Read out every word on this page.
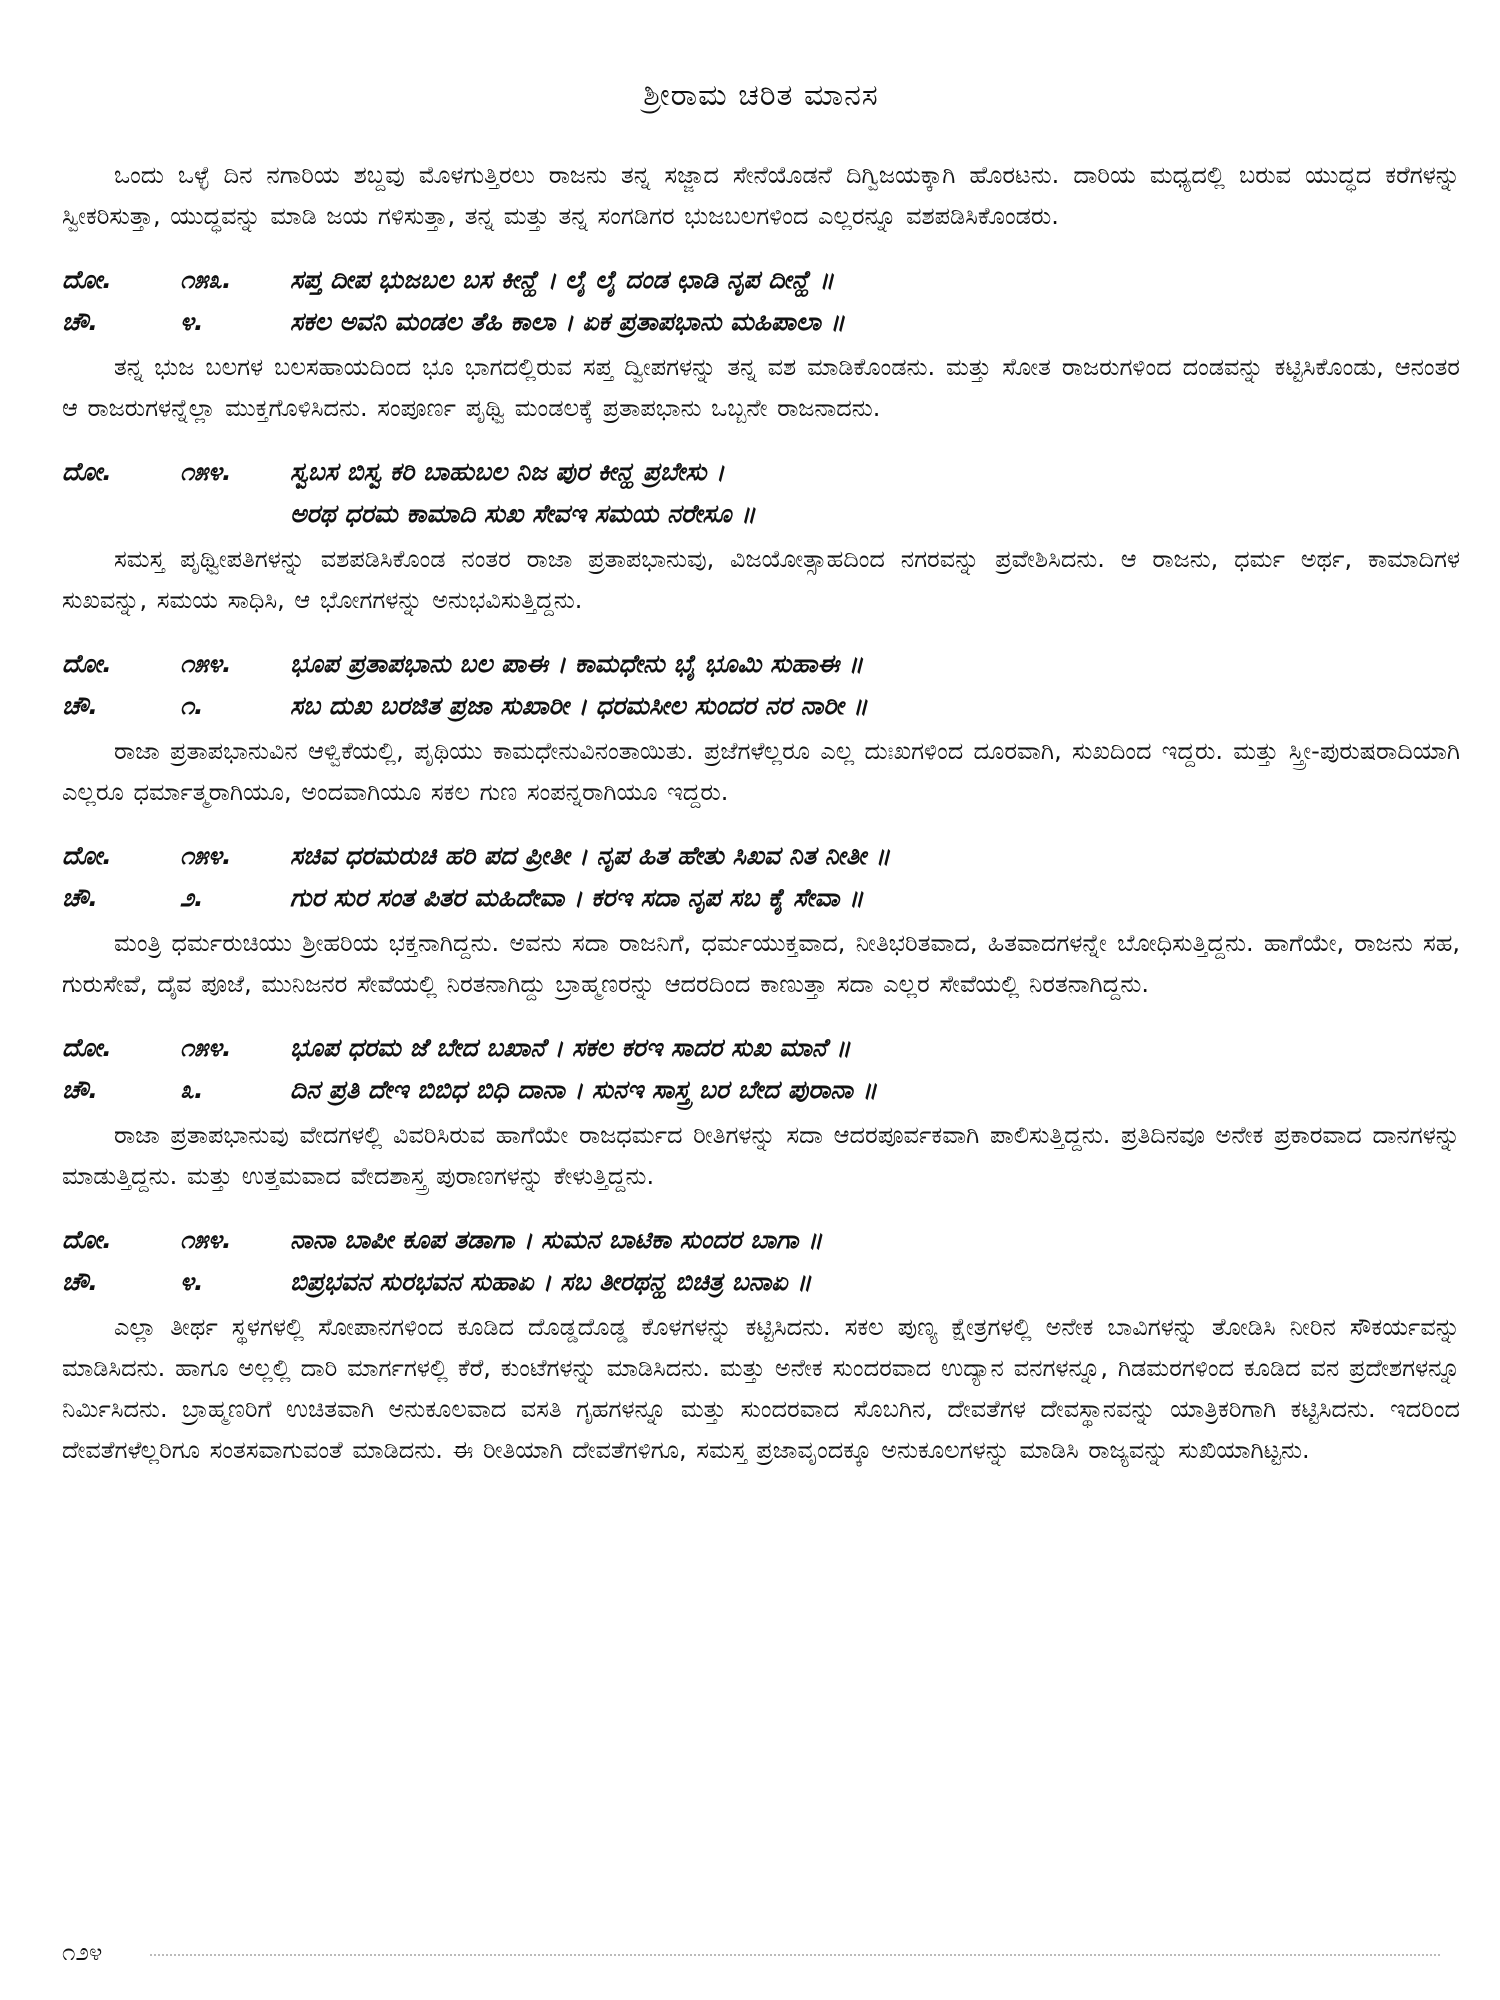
ಶ್ರೀರಾಮ ಚರಿತ ಮಾನಸ

ಒಂದು ಒಳ್ಳೆ ದಿನ ನಗಾರಿಯ ಶಬ್ದವು ಮೊಳಗುತ್ತಿರಲು ರಾಜನು ತನ್ನ ಸಜ್ಜಾದ ಸೇನೆಯೊಡನೆ ದಿಗ್ವಿಜಯಕ್ಕಾಗಿ ಹೊರಟನು. ದಾರಿಯ ಮಧ್ಯದಲ್ಲಿ ಬರುವ ಯುದ್ಧದ ಕರೆಗಳನ್ನು ಸ್ವೀಕರಿಸುತ್ತಾ, ಯುದ್ಧವನ್ನು ಮಾಡಿ ಜಯ ಗಳಿಸುತ್ತಾ, ತನ್ನ ಮತ್ತು ತನ್ನ ಸಂಗಡಿಗರ ಭುಜಬಲಗಳಿಂದ ಎಲ್ಲರನ್ನೂ ವಶಪಡಿಸಿಕೊಂಡರು.

ದೋ.	೧೫೩.	ಸಪ್ತ ದೀಪ ಭುಜಬಲ ಬಸ ಕೀನ್ಹೆ । ಲೈ ಲೈ ದಂಡ ಛಾಡಿ ನೃಪ ದೀನ್ಹೆ ॥
ಚೌ.	೪.	ಸಕಲ ಅವನಿ ಮಂಡಲ ತೆಹಿ ಕಾಲಾ । ಏಕ ಪ್ರತಾಪಭಾನು ಮಹಿಪಾಲಾ ॥

ತನ್ನ ಭುಜ ಬಲಗಳ ಬಲಸಹಾಯದಿಂದ ಭೂ ಭಾಗದಲ್ಲಿರುವ ಸಪ್ತ ದ್ವೀಪಗಳನ್ನು ತನ್ನ ವಶ ಮಾಡಿಕೊಂಡನು. ಮತ್ತು ಸೋತ ರಾಜರುಗಳಿಂದ ದಂಡವನ್ನು ಕಟ್ಟಿಸಿಕೊಂಡು, ಆನಂತರ ಆ ರಾಜರುಗಳನ್ನೆಲ್ಲಾ ಮುಕ್ತಗೊಳಿಸಿದನು. ಸಂಪೂರ್ಣ ಪೃಥ್ವಿ ಮಂಡಲಕ್ಕೆ ಪ್ರತಾಪಭಾನು ಒಬ್ಬನೇ ರಾಜನಾದನು.

ದೋ.	೧೫೪.	ಸ್ವಬಸ ಬಿಸ್ವ ಕರಿ ಬಾಹುಬಲ ನಿಜ ಪುರ ಕೀನ್ಹ ಪ್ರಬೇಸು ।
ಅರಥ ಧರಮ ಕಾಮಾದಿ ಸುಖ ಸೇವಇ ಸಮಯ ನರೇಸೂ ॥

ಸಮಸ್ತ ಪೃಥ್ವೀಪತಿಗಳನ್ನು ವಶಪಡಿಸಿಕೊಂಡ ನಂತರ ರಾಜಾ ಪ್ರತಾಪಭಾನುವು, ವಿಜಯೋತ್ಸಾಹದಿಂದ ನಗರವನ್ನು ಪ್ರವೇಶಿಸಿದನು. ಆ ರಾಜನು, ಧರ್ಮ ಅರ್ಥ, ಕಾಮಾದಿಗಳ ಸುಖವನ್ನು, ಸಮಯ ಸಾಧಿಸಿ, ಆ ಭೋಗಗಳನ್ನು ಅನುಭವಿಸುತ್ತಿದ್ದನು.

ದೋ.	೧೫೪.	ಭೂಪ ಪ್ರತಾಪಭಾನು ಬಲ ಪಾಈ । ಕಾಮಧೇನು ಭೈ ಭೂಮಿ ಸುಹಾಈ ॥
ಚೌ.	೧.	ಸಬ ದುಖ ಬರಜಿತ ಪ್ರಜಾ ಸುಖಾರೀ । ಧರಮಸೀಲ ಸುಂದರ ನರ ನಾರೀ ॥

ರಾಜಾ ಪ್ರತಾಪಭಾನುವಿನ ಆಳ್ವಿಕೆಯಲ್ಲಿ, ಪೃಥಿಯು ಕಾಮಧೇನುವಿನಂತಾಯಿತು. ಪ್ರಜೆಗಳೆಲ್ಲರೂ ಎಲ್ಲ ದುಃಖಗಳಿಂದ ದೂರವಾಗಿ, ಸುಖದಿಂದ ಇದ್ದರು. ಮತ್ತು ಸ್ತ್ರೀ-ಪುರುಷರಾದಿಯಾಗಿ ಎಲ್ಲರೂ ಧರ್ಮಾತ್ಮರಾಗಿಯೂ, ಅಂದವಾಗಿಯೂ ಸಕಲ ಗುಣ ಸಂಪನ್ನರಾಗಿಯೂ ಇದ್ದರು.

ದೋ.	೧೫೪.	ಸಚಿವ ಧರಮರುಚಿ ಹರಿ ಪದ ಪ್ರೀತೀ । ನೃಪ ಹಿತ ಹೇತು ಸಿಖವ ನಿತ ನೀತೀ ॥
ಚೌ.	೨.	ಗುರ ಸುರ ಸಂತ ಪಿತರ ಮಹಿದೇವಾ । ಕರಇ ಸದಾ ನೃಪ ಸಬ ಕೈ ಸೇವಾ ॥

ಮಂತ್ರಿ ಧರ್ಮರುಚಿಯು ಶ್ರೀಹರಿಯ ಭಕ್ತನಾಗಿದ್ದನು. ಅವನು ಸದಾ ರಾಜನಿಗೆ, ಧರ್ಮಯುಕ್ತವಾದ, ನೀತಿಭರಿತವಾದ, ಹಿತವಾದಗಳನ್ನೇ ಬೋಧಿಸುತ್ತಿದ್ದನು. ಹಾಗೆಯೇ, ರಾಜನು ಸಹ, ಗುರುಸೇವೆ, ದೈವ ಪೂಜೆ, ಮುನಿಜನರ ಸೇವೆಯಲ್ಲಿ ನಿರತನಾಗಿದ್ದು ಬ್ರಾಹ್ಮಣರನ್ನು ಆದರದಿಂದ ಕಾಣುತ್ತಾ ಸದಾ ಎಲ್ಲರ ಸೇವೆಯಲ್ಲಿ ನಿರತನಾಗಿದ್ದನು.

ದೋ.	೧೫೪.	ಭೂಪ ಧರಮ ಜೆ ಬೇದ ಬಖಾನೆ । ಸಕಲ ಕರಇ ಸಾದರ ಸುಖ ಮಾನೆ ॥
ಚೌ.	೩.	ದಿನ ಪ್ರತಿ ದೇಇ ಬಿಬಿಧ ಬಿಧಿ ದಾನಾ । ಸುನಇ ಸಾಸ್ತ್ರ ಬರ ಬೇದ ಪುರಾನಾ ॥

ರಾಜಾ ಪ್ರತಾಪಭಾನುವು ವೇದಗಳಲ್ಲಿ ವಿವರಿಸಿರುವ ಹಾಗೆಯೇ ರಾಜಧರ್ಮದ ರೀತಿಗಳನ್ನು ಸದಾ ಆದರಪೂರ್ವಕವಾಗಿ ಪಾಲಿಸುತ್ತಿದ್ದನು. ಪ್ರತಿದಿನವೂ ಅನೇಕ ಪ್ರಕಾರವಾದ ದಾನಗಳನ್ನು ಮಾಡುತ್ತಿದ್ದನು. ಮತ್ತು ಉತ್ತಮವಾದ ವೇದಶಾಸ್ತ್ರ ಪುರಾಣಗಳನ್ನು ಕೇಳುತ್ತಿದ್ದನು.

ದೋ.	೧೫೪.	ನಾನಾ ಬಾಪೀ ಕೂಪ ತಡಾಗಾ । ಸುಮನ ಬಾಟಿಕಾ ಸುಂದರ ಬಾಗಾ ॥
ಚೌ.	೪.	ಬಿಪ್ರಭವನ ಸುರಭವನ ಸುಹಾಏ । ಸಬ ತೀರಥನ್ಹ ಬಿಚಿತ್ರ ಬನಾಏ ॥

ಎಲ್ಲಾ ತೀರ್ಥ ಸ್ಥಳಗಳಲ್ಲಿ ಸೋಪಾನಗಳಿಂದ ಕೂಡಿದ ದೊಡ್ಡದೊಡ್ಡ ಕೊಳಗಳನ್ನು ಕಟ್ಟಿಸಿದನು. ಸಕಲ ಪುಣ್ಯ ಕ್ಷೇತ್ರಗಳಲ್ಲಿ ಅನೇಕ ಬಾವಿಗಳನ್ನು ತೋಡಿಸಿ ನೀರಿನ ಸೌಕರ್ಯವನ್ನು ಮಾಡಿಸಿದನು. ಹಾಗೂ ಅಲ್ಲಲ್ಲಿ ದಾರಿ ಮಾರ್ಗಗಳಲ್ಲಿ ಕೆರೆ, ಕುಂಟೆಗಳನ್ನು ಮಾಡಿಸಿದನು. ಮತ್ತು ಅನೇಕ ಸುಂದರವಾದ ಉದ್ಯಾನ ವನಗಳನ್ನೂ, ಗಿಡಮರಗಳಿಂದ ಕೂಡಿದ ವನ ಪ್ರದೇಶಗಳನ್ನೂ ನಿರ್ಮಿಸಿದನು. ಬ್ರಾಹ್ಮಣರಿಗೆ ಉಚಿತವಾಗಿ ಅನುಕೂಲವಾದ ವಸತಿ ಗೃಹಗಳನ್ನೂ ಮತ್ತು ಸುಂದರವಾದ ಸೊಬಗಿನ, ದೇವತೆಗಳ ದೇವಸ್ಥಾನವನ್ನು ಯಾತ್ರಿಕರಿಗಾಗಿ ಕಟ್ಟಿಸಿದನು. ಇದರಿಂದ ದೇವತೆಗಳೆಲ್ಲರಿಗೂ ಸಂತಸವಾಗುವಂತೆ ಮಾಡಿದನು. ಈ ರೀತಿಯಾಗಿ ದೇವತೆಗಳಿಗೂ, ಸಮಸ್ತ ಪ್ರಜಾವೃಂದಕ್ಕೂ ಅನುಕೂಲಗಳನ್ನು ಮಾಡಿಸಿ ರಾಜ್ಯವನ್ನು ಸುಖಿಯಾಗಿಟ್ಟನು.

೧೨೪
